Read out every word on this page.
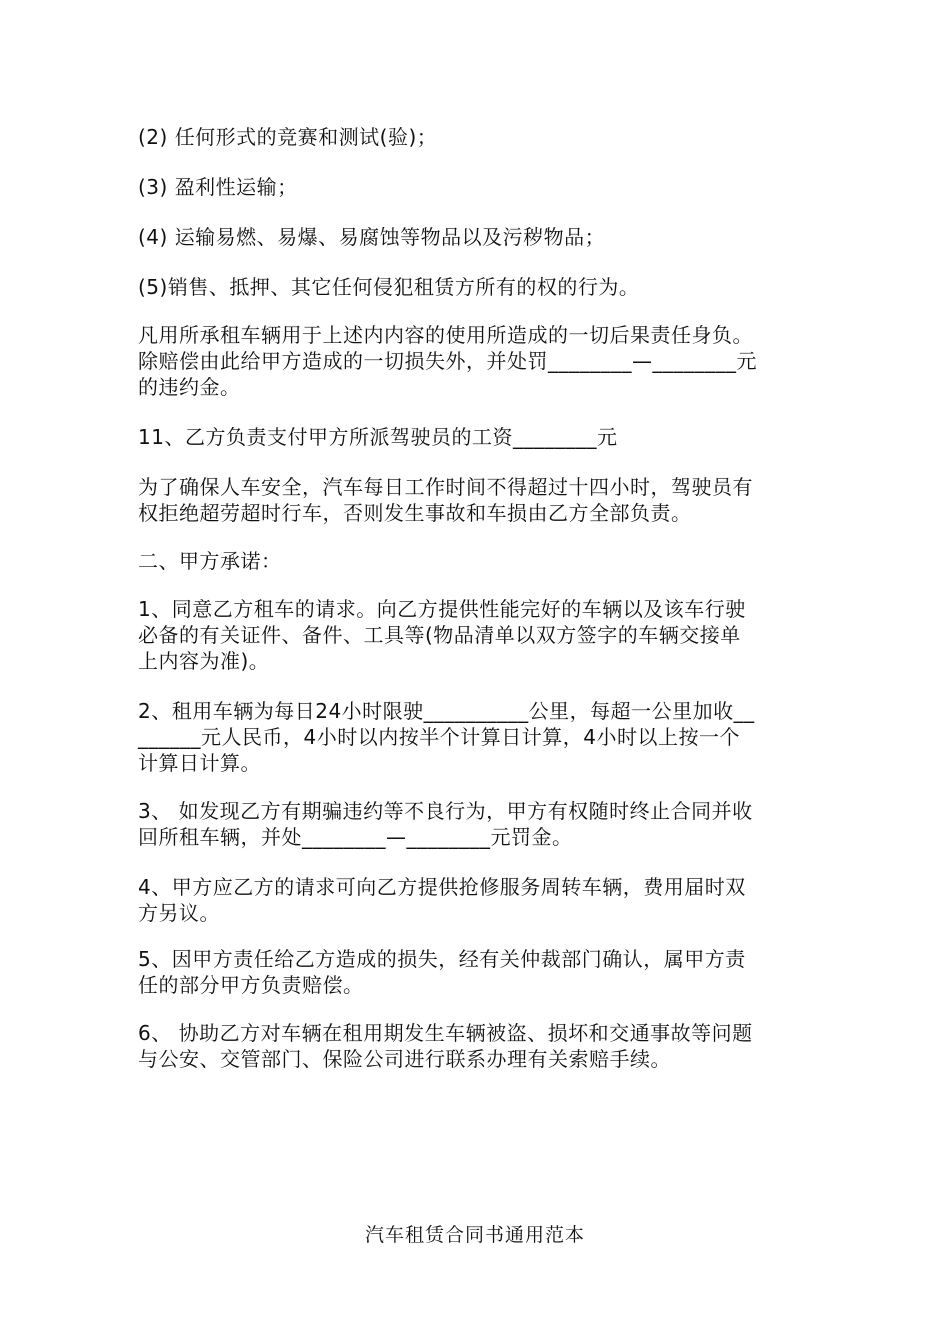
(2) 任何形式的竞赛和测试(验)；

(3) 盈利性运输；

(4) 运输易燃、易爆、易腐蚀等物品以及污秽物品；

(5)销售、抵押、其它任何侵犯租赁方所有的权的行为。

凡用所承租车辆用于上述内内容的使用所造成的一切后果责任身负。
除赔偿由此给甲方造成的一切损失外，并处罚________—________元
的违约金。

11、乙方负责支付甲方所派驾驶员的工资________元

为了确保人车安全，汽车每日工作时间不得超过十四小时，驾驶员有
权拒绝超劳超时行车，否则发生事故和车损由乙方全部负责。

二、甲方承诺：

1、同意乙方租车的请求。向乙方提供性能完好的车辆以及该车行驶
必备的有关证件、备件、工具等(物品清单以双方签字的车辆交接单
上内容为准)。

2、租用车辆为每日24小时限驶__________公里，每超一公里加收__
______元人民币，4小时以内按半个计算日计算，4小时以上按一个
计算日计算。

3、 如发现乙方有期骗违约等不良行为，甲方有权随时终止合同并收
回所租车辆，并处________—________元罚金。

4、甲方应乙方的请求可向乙方提供抢修服务周转车辆，费用届时双
方另议。

5、因甲方责任给乙方造成的损失，经有关仲裁部门确认，属甲方责
任的部分甲方负责赔偿。

6、 协助乙方对车辆在租用期发生车辆被盗、损坏和交通事故等问题
与公安、交管部门、保险公司进行联系办理有关索赔手续。

汽车租赁合同书通用范本
